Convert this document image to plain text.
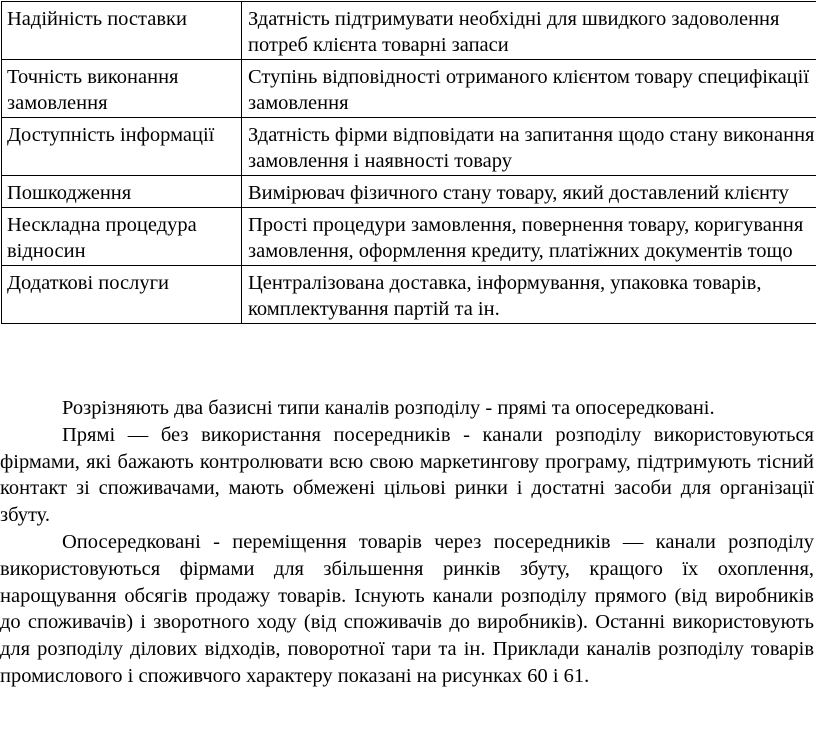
Надійність поставки	Здатність підтримувати необхідні для швидкого задоволення потреб клієнта товарні запаси
Точність виконання замовлення	Ступінь відповідності отриманого клієнтом товару специфікації замовлення
Доступність інформації	Здатність фірми відповідати на запитання щодо стану виконання замовлення і наявності товару
Пошкодження	Вимірювач фізичного стану товару, який доставлений клієнту
Нескладна процедура відносин	Прості процедури замовлення, повернення товару, коригування замовлення, оформлення кредиту, платіжних документів тощо
Додаткові послуги	Централізована доставка, інформування, упаковка товарів, комплектування партій та ін.

Розрізняють два базисні типи каналів розподілу - прямі та опосередковані.

Прямі — без використання посередників - канали розподілу використовуються фірмами, які бажають контролювати всю свою маркетингову програму, підтримують тісний контакт зі споживачами, мають обмежені цільові ринки і достатні засоби для організації збуту.

Опосередковані - переміщення товарів через посередників — канали розподілу використовуються фірмами для збільшення ринків збуту, кращого їх охоплення, нарощування обсягів продажу товарів. Існують канали розподілу прямого (від виробників до споживачів) і зворотного ходу (від споживачів до виробників). Останні використовують для розподілу ділових відходів, поворотної тари та ін. Приклади каналів розподілу товарів промислового і споживчого характеру показані на рисунках 60 і 61.
